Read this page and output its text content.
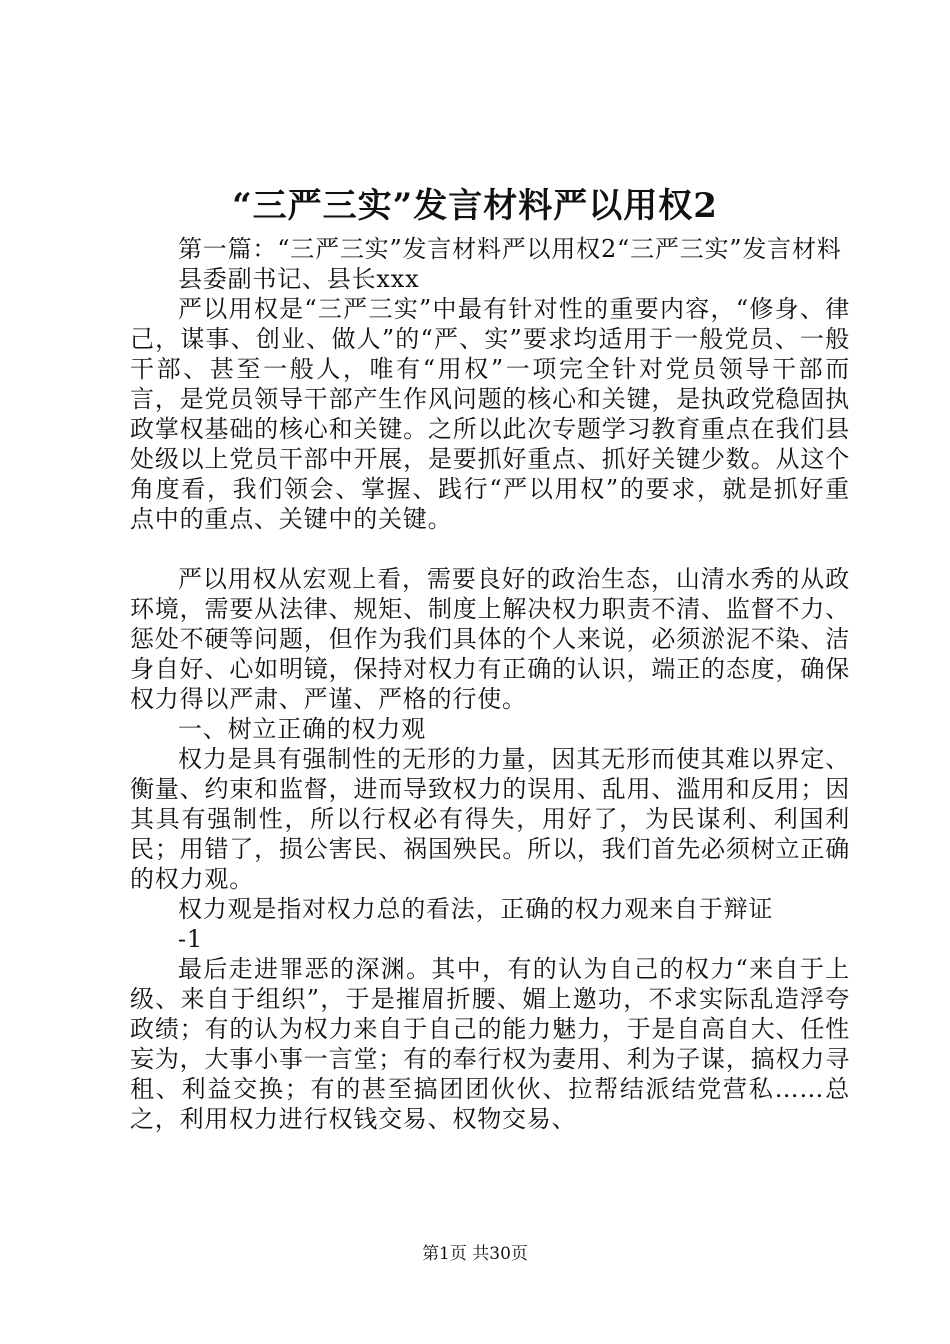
“三严三实”发言材料严以用权2

第一篇：“三严三实”发言材料严以用权2“三严三实”发言材料

县委副书记、县长xxx

严以用权是“三严三实”中最有针对性的重要内容，“修身、律己，谋事、创业、做人”的“严、实”要求均适用于一般党员、一般干部、甚至一般人，唯有“用权”一项完全针对党员领导干部而言，是党员领导干部产生作风问题的核心和关键，是执政党稳固执政掌权基础的核心和关键。之所以此次专题学习教育重点在我们县处级以上党员干部中开展，是要抓好重点、抓好关键少数。从这个角度看，我们领会、掌握、践行“严以用权”的要求，就是抓好重点中的重点、关键中的关键。

严以用权从宏观上看，需要良好的政治生态，山清水秀的从政环境，需要从法律、规矩、制度上解决权力职责不清、监督不力、惩处不硬等问题，但作为我们具体的个人来说，必须淤泥不染、洁身自好、心如明镜，保持对权力有正确的认识，端正的态度，确保权力得以严肃、严谨、严格的行使。

一、树立正确的权力观

权力是具有强制性的无形的力量，因其无形而使其难以界定、衡量、约束和监督，进而导致权力的误用、乱用、滥用和反用；因其具有强制性，所以行权必有得失，用好了，为民谋利、利国利民；用错了，损公害民、祸国殃民。所以，我们首先必须树立正确的权力观。

权力观是指对权力总的看法，正确的权力观来自于辩证

-1

最后走进罪恶的深渊。其中，有的认为自己的权力“来自于上级、来自于组织”，于是摧眉折腰、媚上邀功，不求实际乱造浮夸政绩；有的认为权力来自于自己的能力魅力，于是自高自大、任性妄为，大事小事一言堂；有的奉行权为妻用、利为子谋，搞权力寻租、利益交换；有的甚至搞团团伙伙、拉帮结派结党营私……总之，利用权力进行权钱交易、权物交易、

第1页 共30页
